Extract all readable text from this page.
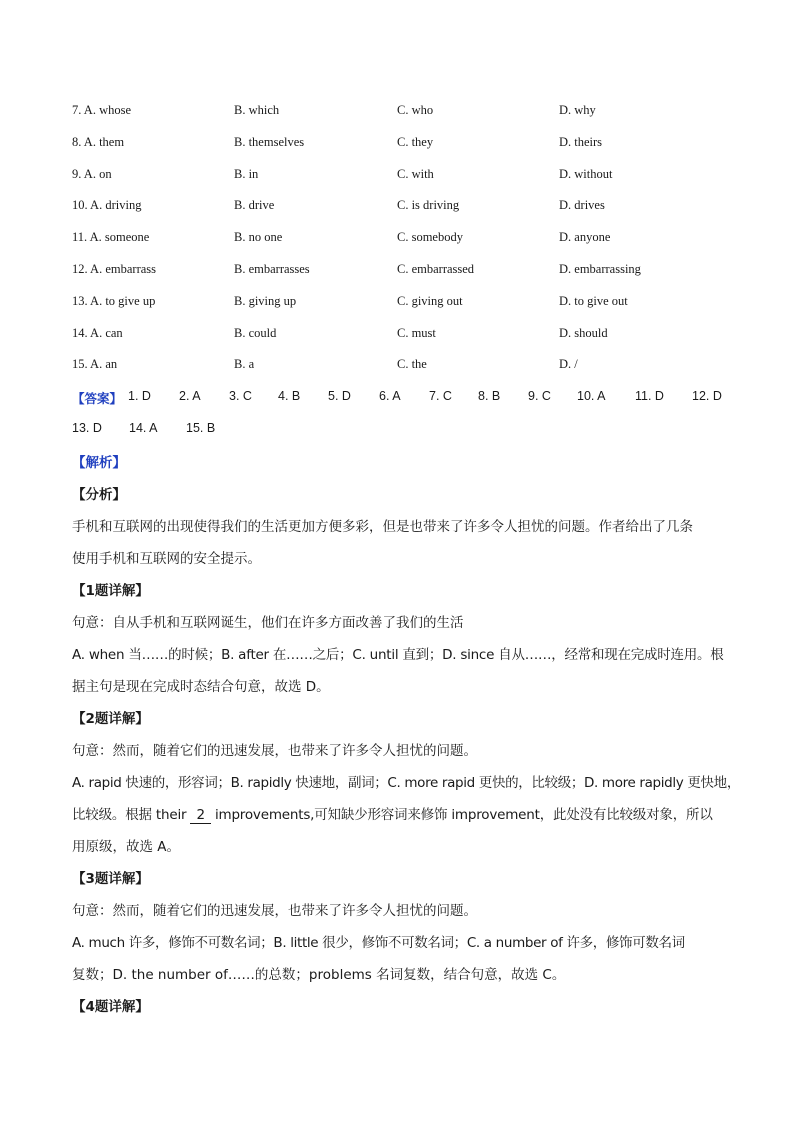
7. A. whose	B. which	C. who	D. why
8. A. them	B. themselves	C. they	D. theirs
9. A. on	B. in	C. with	D. without
10. A. driving	B. drive	C. is driving	D. drives
11. A. someone	B. no one	C. somebody	D. anyone
12. A. embarrass	B. embarrasses	C. embarrassed	D. embarrassing
13. A. to give up	B. giving up	C. giving out	D. to give out
14. A. can	B. could	C. must	D. should
15. A. an	B. a	C. the	D. /
【答案】 1. D 2. A 3. C 4. B 5. D 6. A 7. C 8. B 9. C 10. A 11. D 12. D
13. D 14. A 15. B
【解析】
【分析】
手机和互联网的出现使得我们的生活更加方便多彩，但是也带来了许多令人担忧的问题。作者给出了几条
使用手机和互联网的安全提示。
【1题详解】
句意：自从手机和互联网诞生，他们在许多方面改善了我们的生活
A. when 当……的时候；B. after 在……之后；C. until 直到；D. since 自从……，经常和现在完成时连用。根
据主句是现在完成时态结合句意，故选 D。
【2题详解】
句意：然而，随着它们的迅速发展，也带来了许多令人担忧的问题。
A. rapid 快速的，形容词；B. rapidly 快速地，副词；C. more rapid 更快的，比较级；D. more rapidly 更快地，
比较级。根据 their 2 improvements,可知缺少形容词来修饰 improvement，此处没有比较级对象，所以
用原级，故选 A。
【3题详解】
句意：然而，随着它们的迅速发展，也带来了许多令人担忧的问题。
A. much 许多，修饰不可数名词；B. little 很少，修饰不可数名词；C. a number of 许多，修饰可数名词
复数；D. the number of……的总数；problems 名词复数，结合句意，故选 C。
【4题详解】
